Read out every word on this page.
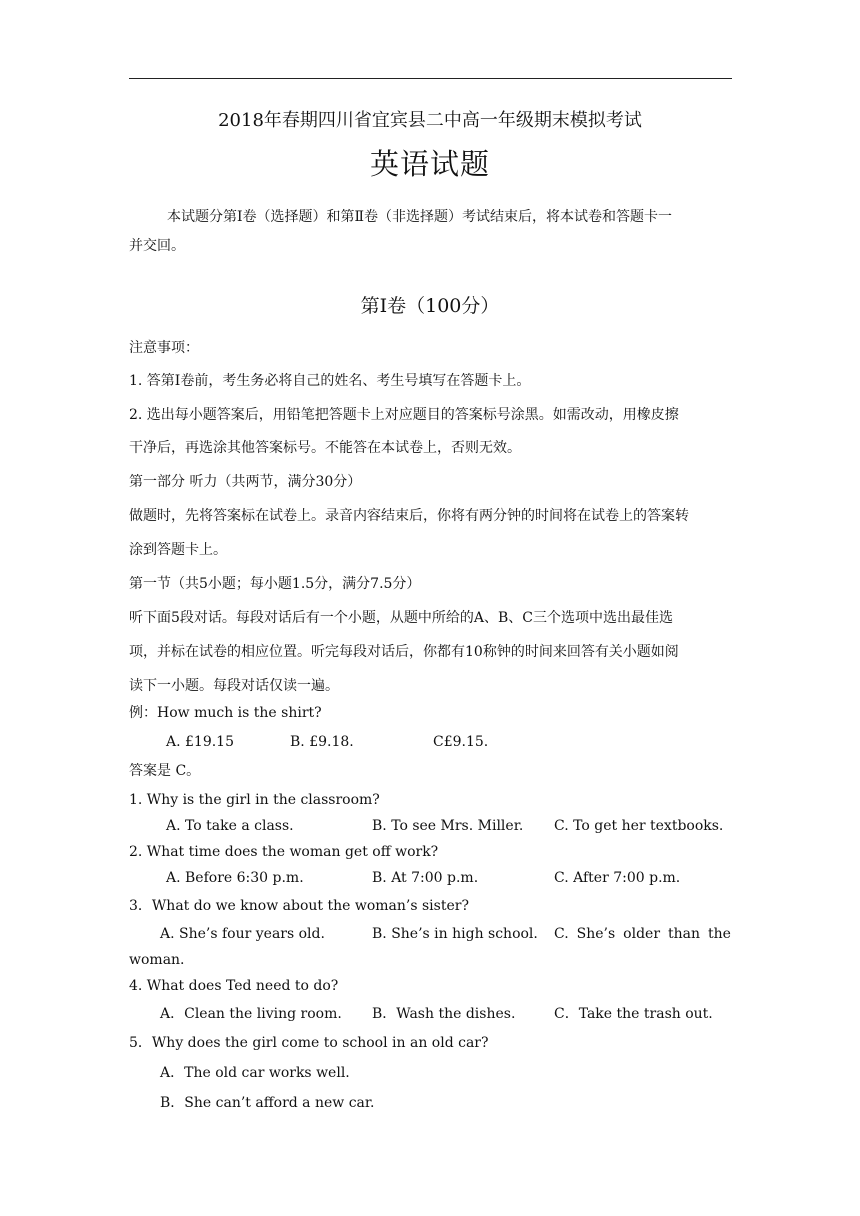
2018年春期四川省宜宾县二中高一年级期末模拟考试
英语试题
本试题分第Ⅰ卷（选择题）和第Ⅱ卷（非选择题）考试结束后，将本试卷和答题卡一
并交回。
第Ⅰ卷（100分）
注意事项：
1. 答第Ⅰ卷前，考生务必将自己的姓名、考生号填写在答题卡上。
2. 选出每小题答案后，用铅笔把答题卡上对应题目的答案标号涂黑。如需改动，用橡皮擦
干净后，再选涂其他答案标号。不能答在本试卷上，否则无效。
第一部分 听力（共两节，满分30分）
做题时，先将答案标在试卷上。录音内容结束后，你将有两分钟的时间将在试卷上的答案转
涂到答题卡上。
第一节（共5小题；每小题1.5分，满分7.5分）
听下面5段对话。每段对话后有一个小题，从题中所给的A、B、C三个选项中选出最佳选
项，并标在试卷的相应位置。听完每段对话后，你都有10称钟的时间来回答有关小题如阅
读下一小题。每段对话仅读一遍。
例：How much is the shirt?
A. £19.15	B. £9.18.	C£9.15.
答案是 C。
1. Why is the girl in the classroom?
A. To take a class.	B. To see Mrs. Miller. C. To get her textbooks.
2. What time does the woman get off work?
A. Before 6:30 p.m.	B. At 7:00 p.m.	C. After 7:00 p.m.
3．What do we know about the woman’s sister?
A. She’s four years old.	B. She’s in high school. C. She’s older than the
woman.
4. What does Ted need to do?
A．Clean the living room. B．Wash the dishes.	C．Take the trash out.
5．Why does the girl come to school in an old car?
A．The old car works well.
B．She can’t afford a new car.
